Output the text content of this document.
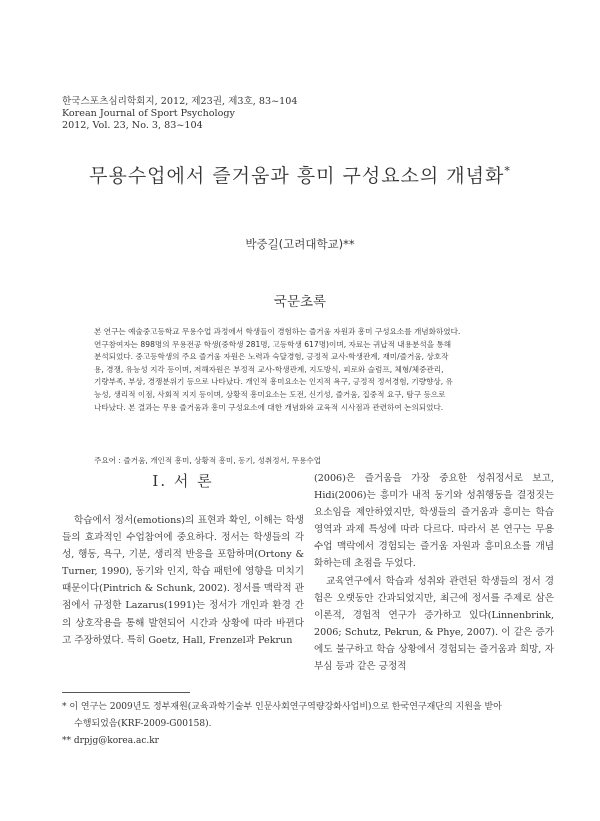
한국스포츠심리학회지, 2012, 제23권, 제3호, 83~104
Korean Journal of Sport Psychology
2012, Vol. 23, No. 3, 83~104
무용수업에서 즐거움과 흥미 구성요소의 개념화*
박중길(고려대학교)**
국문초록
본 연구는 예술중고등학교 무용수업 과정에서 학생들이 경험하는 즐거움 자원과 흥미 구성요소를 개념화하였다.
연구참여자는 898명의 무용전공 학생(중학생 281명, 고등학생 617명)이며, 자료는 귀납적 내용분석을 통해
분석되었다. 중고등학생의 주요 즐거움 자원은 노력과 숙달경험, 긍정적 교사-학생관계, 재미/즐거움, 상호작
용, 경쟁, 유능성 지각 등이며, 저해자원은 부정적 교사-학생관계, 지도방식, 피로와 슬럼프, 체형/체중관리,
기량부족, 부상, 경쟁분위기 등으로 나타났다. 개인적 흥미요소는 인지적 욕구, 긍정적 정서경험, 기량향상, 유
능성, 생리적 이점, 사회적 지지 등이며, 상황적 흥미요소는 도전, 신기성, 즐거움, 집중적 요구, 탐구 등으로
나타났다. 본 결과는 무용 즐거움과 흥미 구성요소에 대한 개념화와 교육적 시사점과 관련하여 논의되었다.
주요어 : 즐거움, 개인적 흥미, 상황적 흥미, 동기, 성취정서, 무용수업
I. 서 론

학습에서 정서(emotions)의 표현과 확인, 이해는 학생들의 효과적인 수업참여에 중요하다. 정서는 학생들의 각성, 행동, 욕구, 기분, 생리적 반응을 포함하며(Ortony & Turner, 1990), 동기와 인지, 학습 패턴에 영향을 미치기 때문이다(Pintrich & Schunk, 2002). 정서를 맥락적 관점에서 규정한 Lazarus(1991)는 정서가 개인과 환경 간의 상호작용을 통해 발현되어 시간과 상황에 따라 바뀐다고 주장하였다. 특히 Goetz, Hall, Frenzel과 Pekrun

(2006)은 즐거움을 가장 중요한 성취정서로 보고, Hidi(2006)는 흥미가 내적 동기와 성취행동을 결정짓는 요소임을 제안하였지만, 학생들의 즐거움과 흥미는 학습영역과 과제 특성에 따라 다르다. 따라서 본 연구는 무용수업 맥락에서 경험되는 즐거움 자원과 흥미요소를 개념화하는데 초점을 두었다.

교육연구에서 학습과 성취와 관련된 학생들의 정서 경험은 오랫동안 간과되었지만, 최근에 정서를 주제로 삼은 이론적, 경험적 연구가 증가하고 있다(Linnenbrink, 2006; Schutz, Pekrun, & Phye, 2007). 이 같은 증가에도 불구하고 학습 상황에서 경험되는 즐거움과 희망, 자부심 등과 같은 긍정적

* 이 연구는 2009년도 정부재원(교육과학기술부 인문사회연구역량강화사업비)으로 한국연구재단의 지원을 받아
수행되었음(KRF-2009-G00158).
** drpjg@korea.ac.kr
